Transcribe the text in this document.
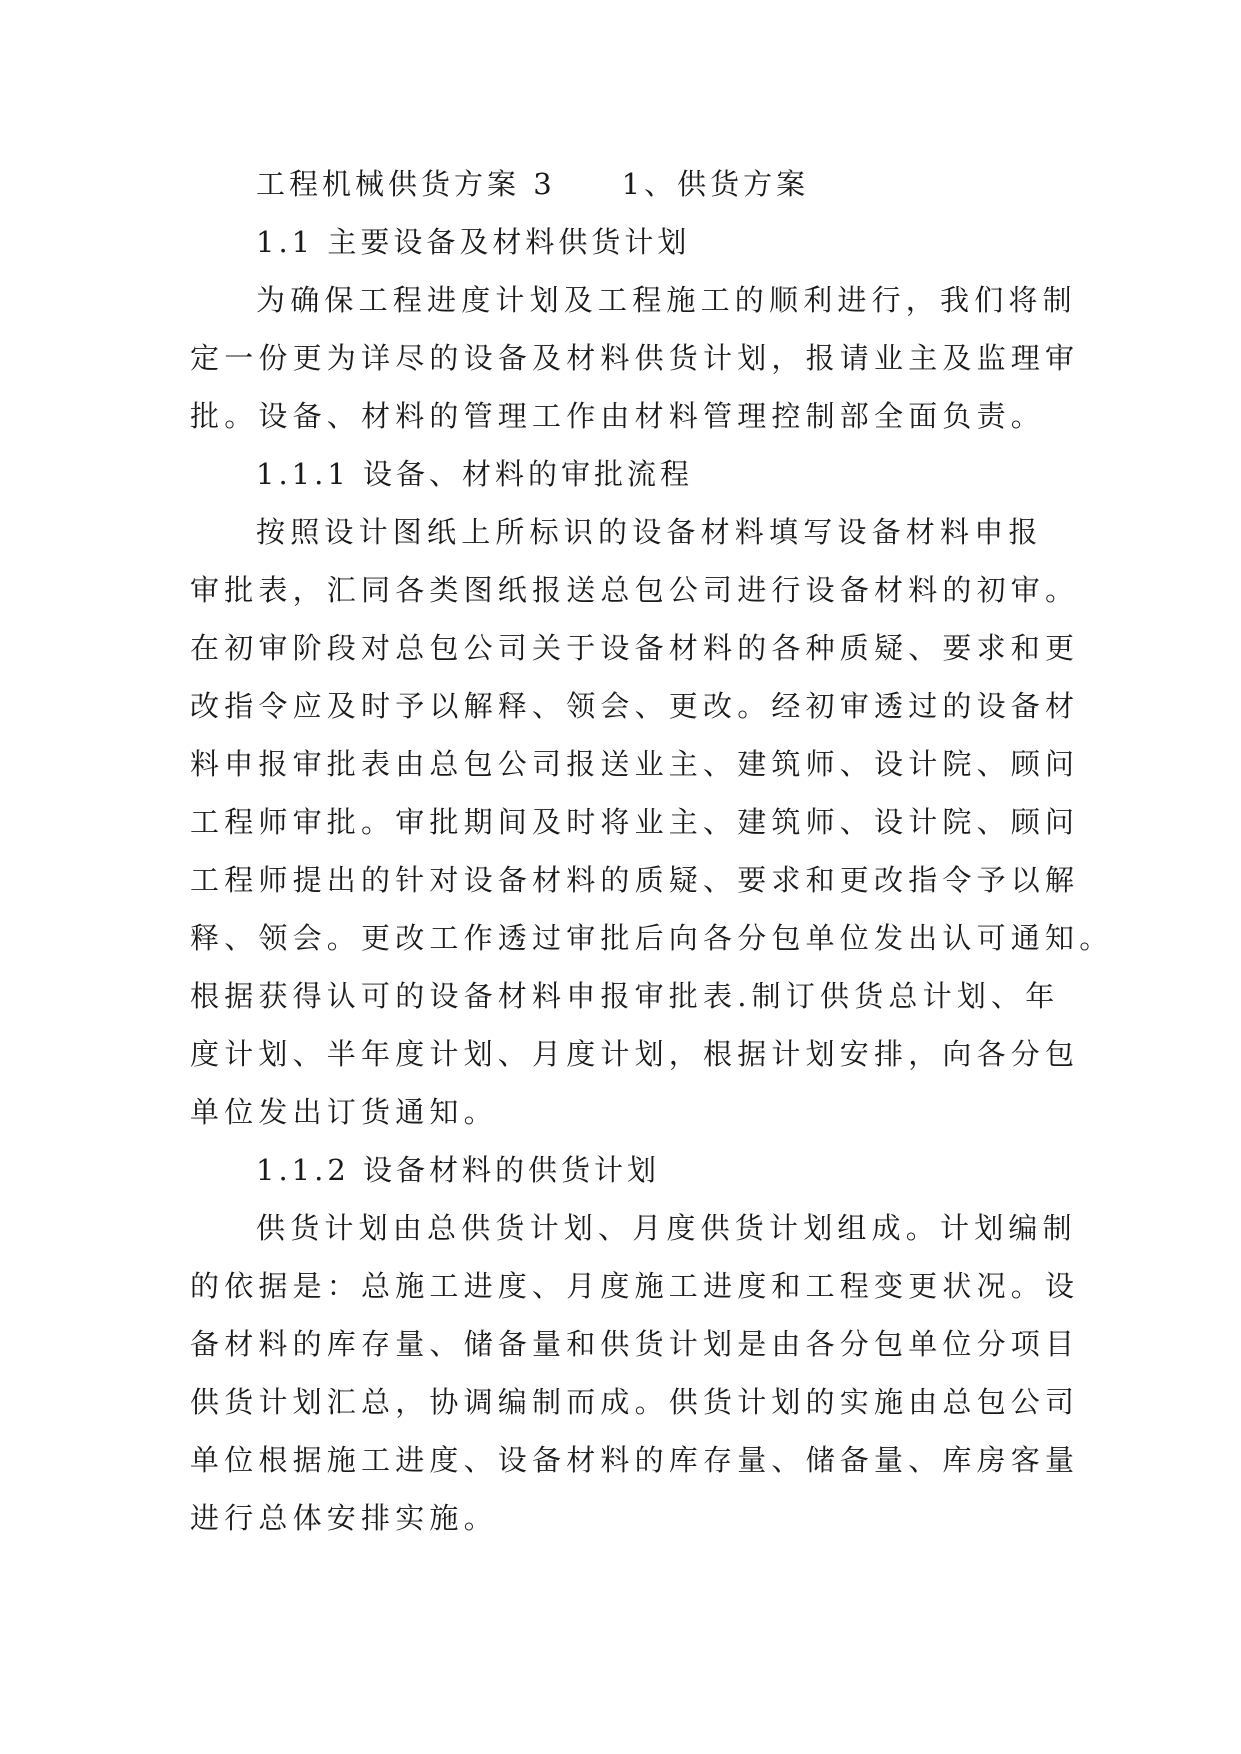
工程机械供货方案 3　　1、供货方案
1.1 主要设备及材料供货计划
为确保工程进度计划及工程施工的顺利进行，我们将制
定一份更为详尽的设备及材料供货计划，报请业主及监理审
批。设备、材料的管理工作由材料管理控制部全面负责。
1.1.1 设备、材料的审批流程
按照设计图纸上所标识的设备材料填写设备材料申报
审批表，汇同各类图纸报送总包公司进行设备材料的初审。
在初审阶段对总包公司关于设备材料的各种质疑、要求和更
改指令应及时予以解释、领会、更改。经初审透过的设备材
料申报审批表由总包公司报送业主、建筑师、设计院、顾问
工程师审批。审批期间及时将业主、建筑师、设计院、顾问
工程师提出的针对设备材料的质疑、要求和更改指令予以解
释、领会。更改工作透过审批后向各分包单位发出认可通知。
根据获得认可的设备材料申报审批表.制订供货总计划、年
度计划、半年度计划、月度计划，根据计划安排，向各分包
单位发出订货通知。
1.1.2 设备材料的供货计划
供货计划由总供货计划、月度供货计划组成。计划编制
的依据是：总施工进度、月度施工进度和工程变更状况。设
备材料的库存量、储备量和供货计划是由各分包单位分项目
供货计划汇总，协调编制而成。供货计划的实施由总包公司
单位根据施工进度、设备材料的库存量、储备量、库房客量
进行总体安排实施。
